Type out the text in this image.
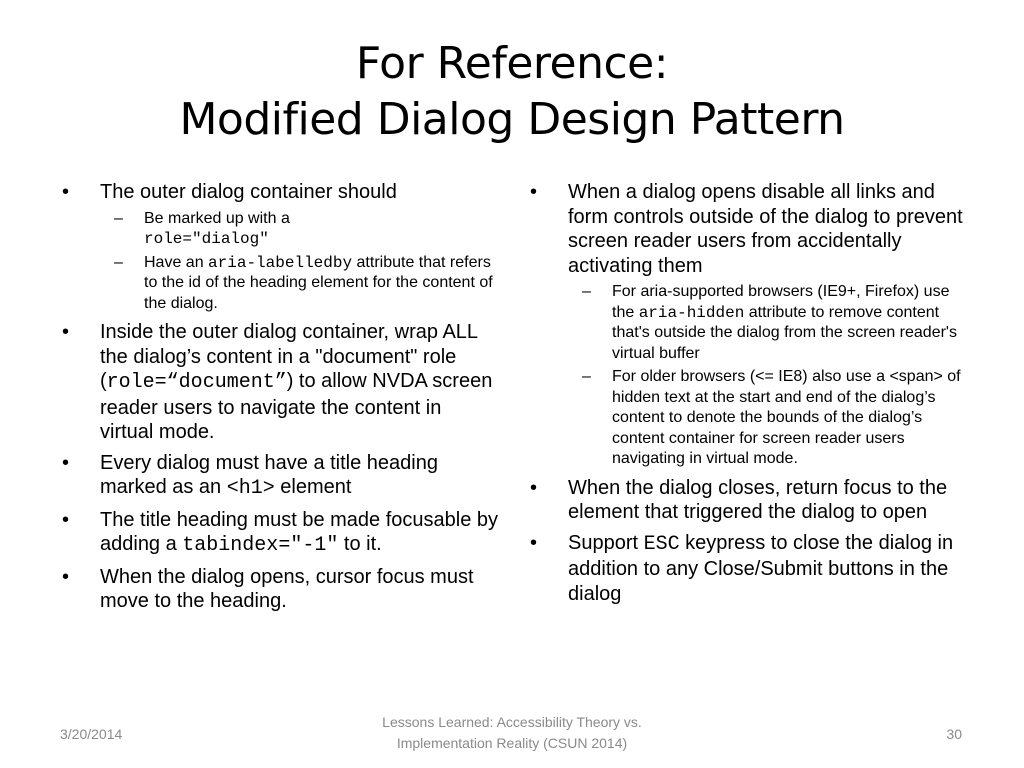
For Reference:
Modified Dialog Design Pattern
• The outer dialog container should
– Be marked up with a
role="dialog"
– Have an aria-labelledby attribute that refers to the id of the heading element for the content of the dialog.
• Inside the outer dialog container, wrap ALL the dialog’s content in a "document" role (role=“document”) to allow NVDA screen reader users to navigate the content in virtual mode.
• Every dialog must have a title heading marked as an <h1> element
• The title heading must be made focusable by adding a tabindex="-1" to it.
• When the dialog opens, cursor focus must move to the heading.
• When a dialog opens disable all links and form controls outside of the dialog to prevent screen reader users from accidentally activating them
– For aria-supported browsers (IE9+, Firefox) use the aria-hidden attribute to remove content that's outside the dialog from the screen reader's virtual buffer
– For older browsers (<= IE8) also use a <span> of hidden text at the start and end of the dialog’s content to denote the bounds of the dialog’s content container for screen reader users navigating in virtual mode.
• When the dialog closes, return focus to the element that triggered the dialog to open
• Support ESC keypress to close the dialog in addition to any Close/Submit buttons in the dialog
3/20/2014
Lessons Learned: Accessibility Theory vs.
Implementation Reality (CSUN 2014)
30
